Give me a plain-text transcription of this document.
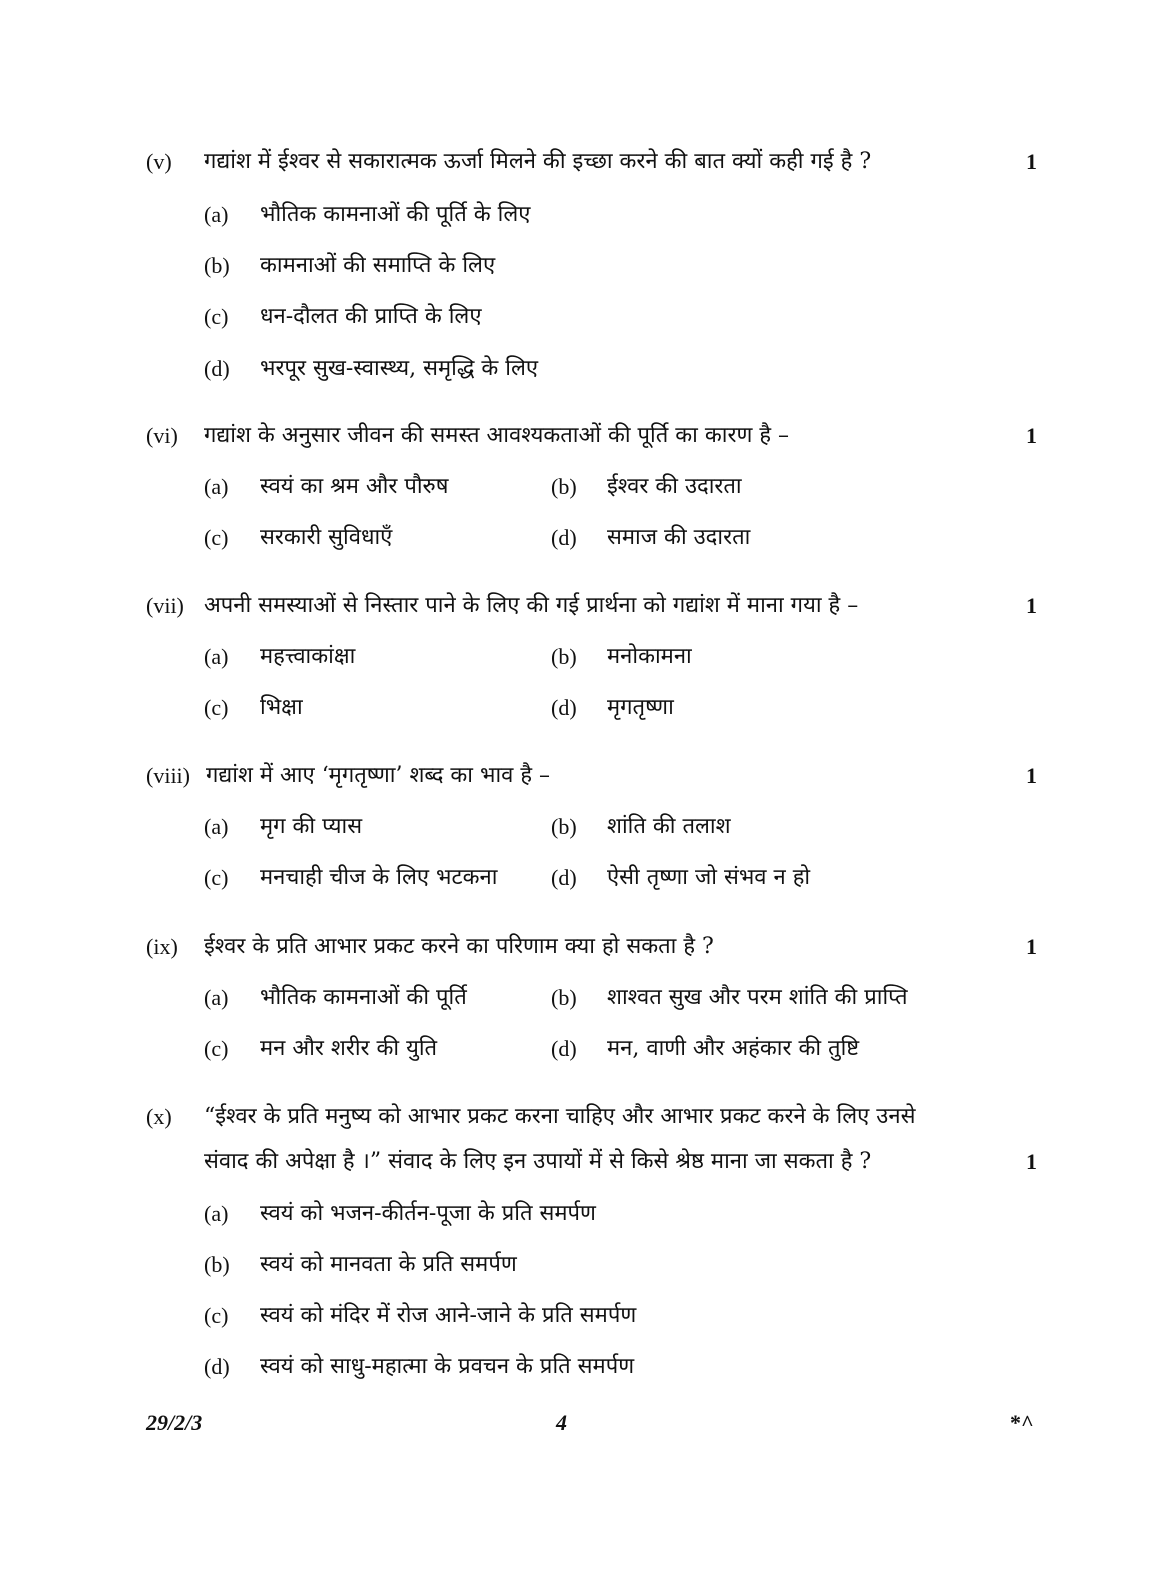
(v) गद्यांश में ईश्वर से सकारात्मक ऊर्जा मिलने की इच्छा करने की बात क्यों कही गई है ?	1
(a) भौतिक कामनाओं की पूर्ति के लिए
(b) कामनाओं की समाप्ति के लिए
(c) धन-दौलत की प्राप्ति के लिए
(d) भरपूर सुख-स्वास्थ्य, समृद्धि के लिए
(vi) गद्यांश के अनुसार जीवन की समस्त आवश्यकताओं की पूर्ति का कारण है –	1
(a) स्वयं का श्रम और पौरुष	(b) ईश्वर की उदारता
(c) सरकारी सुविधाएँ	(d) समाज की उदारता
(vii) अपनी समस्याओं से निस्तार पाने के लिए की गई प्रार्थना को गद्यांश में माना गया है –	1
(a) महत्त्वाकांक्षा	(b) मनोकामना
(c) भिक्षा	(d) मृगतृष्णा
(viii) गद्यांश में आए ‘मृगतृष्णा’ शब्द का भाव है –	1
(a) मृग की प्यास	(b) शांति की तलाश
(c) मनचाही चीज के लिए भटकना (d) ऐसी तृष्णा जो संभव न हो
(ix) ईश्वर के प्रति आभार प्रकट करने का परिणाम क्या हो सकता है ?	1
(a) भौतिक कामनाओं की पूर्ति	(b) शाश्वत सुख और परम शांति की प्राप्ति
(c) मन और शरीर की युति	(d) मन, वाणी और अहंकार की तुष्टि
(x) “ईश्वर के प्रति मनुष्य को आभार प्रकट करना चाहिए और आभार प्रकट करने के लिए उनसे
संवाद की अपेक्षा है ।” संवाद के लिए इन उपायों में से किसे श्रेष्ठ माना जा सकता है ?	1
(a) स्वयं को भजन-कीर्तन-पूजा के प्रति समर्पण
(b) स्वयं को मानवता के प्रति समर्पण
(c) स्वयं को मंदिर में रोज आने-जाने के प्रति समर्पण
(d) स्वयं को साधु-महात्मा के प्रवचन के प्रति समर्पण
29/2/3	4	*^
